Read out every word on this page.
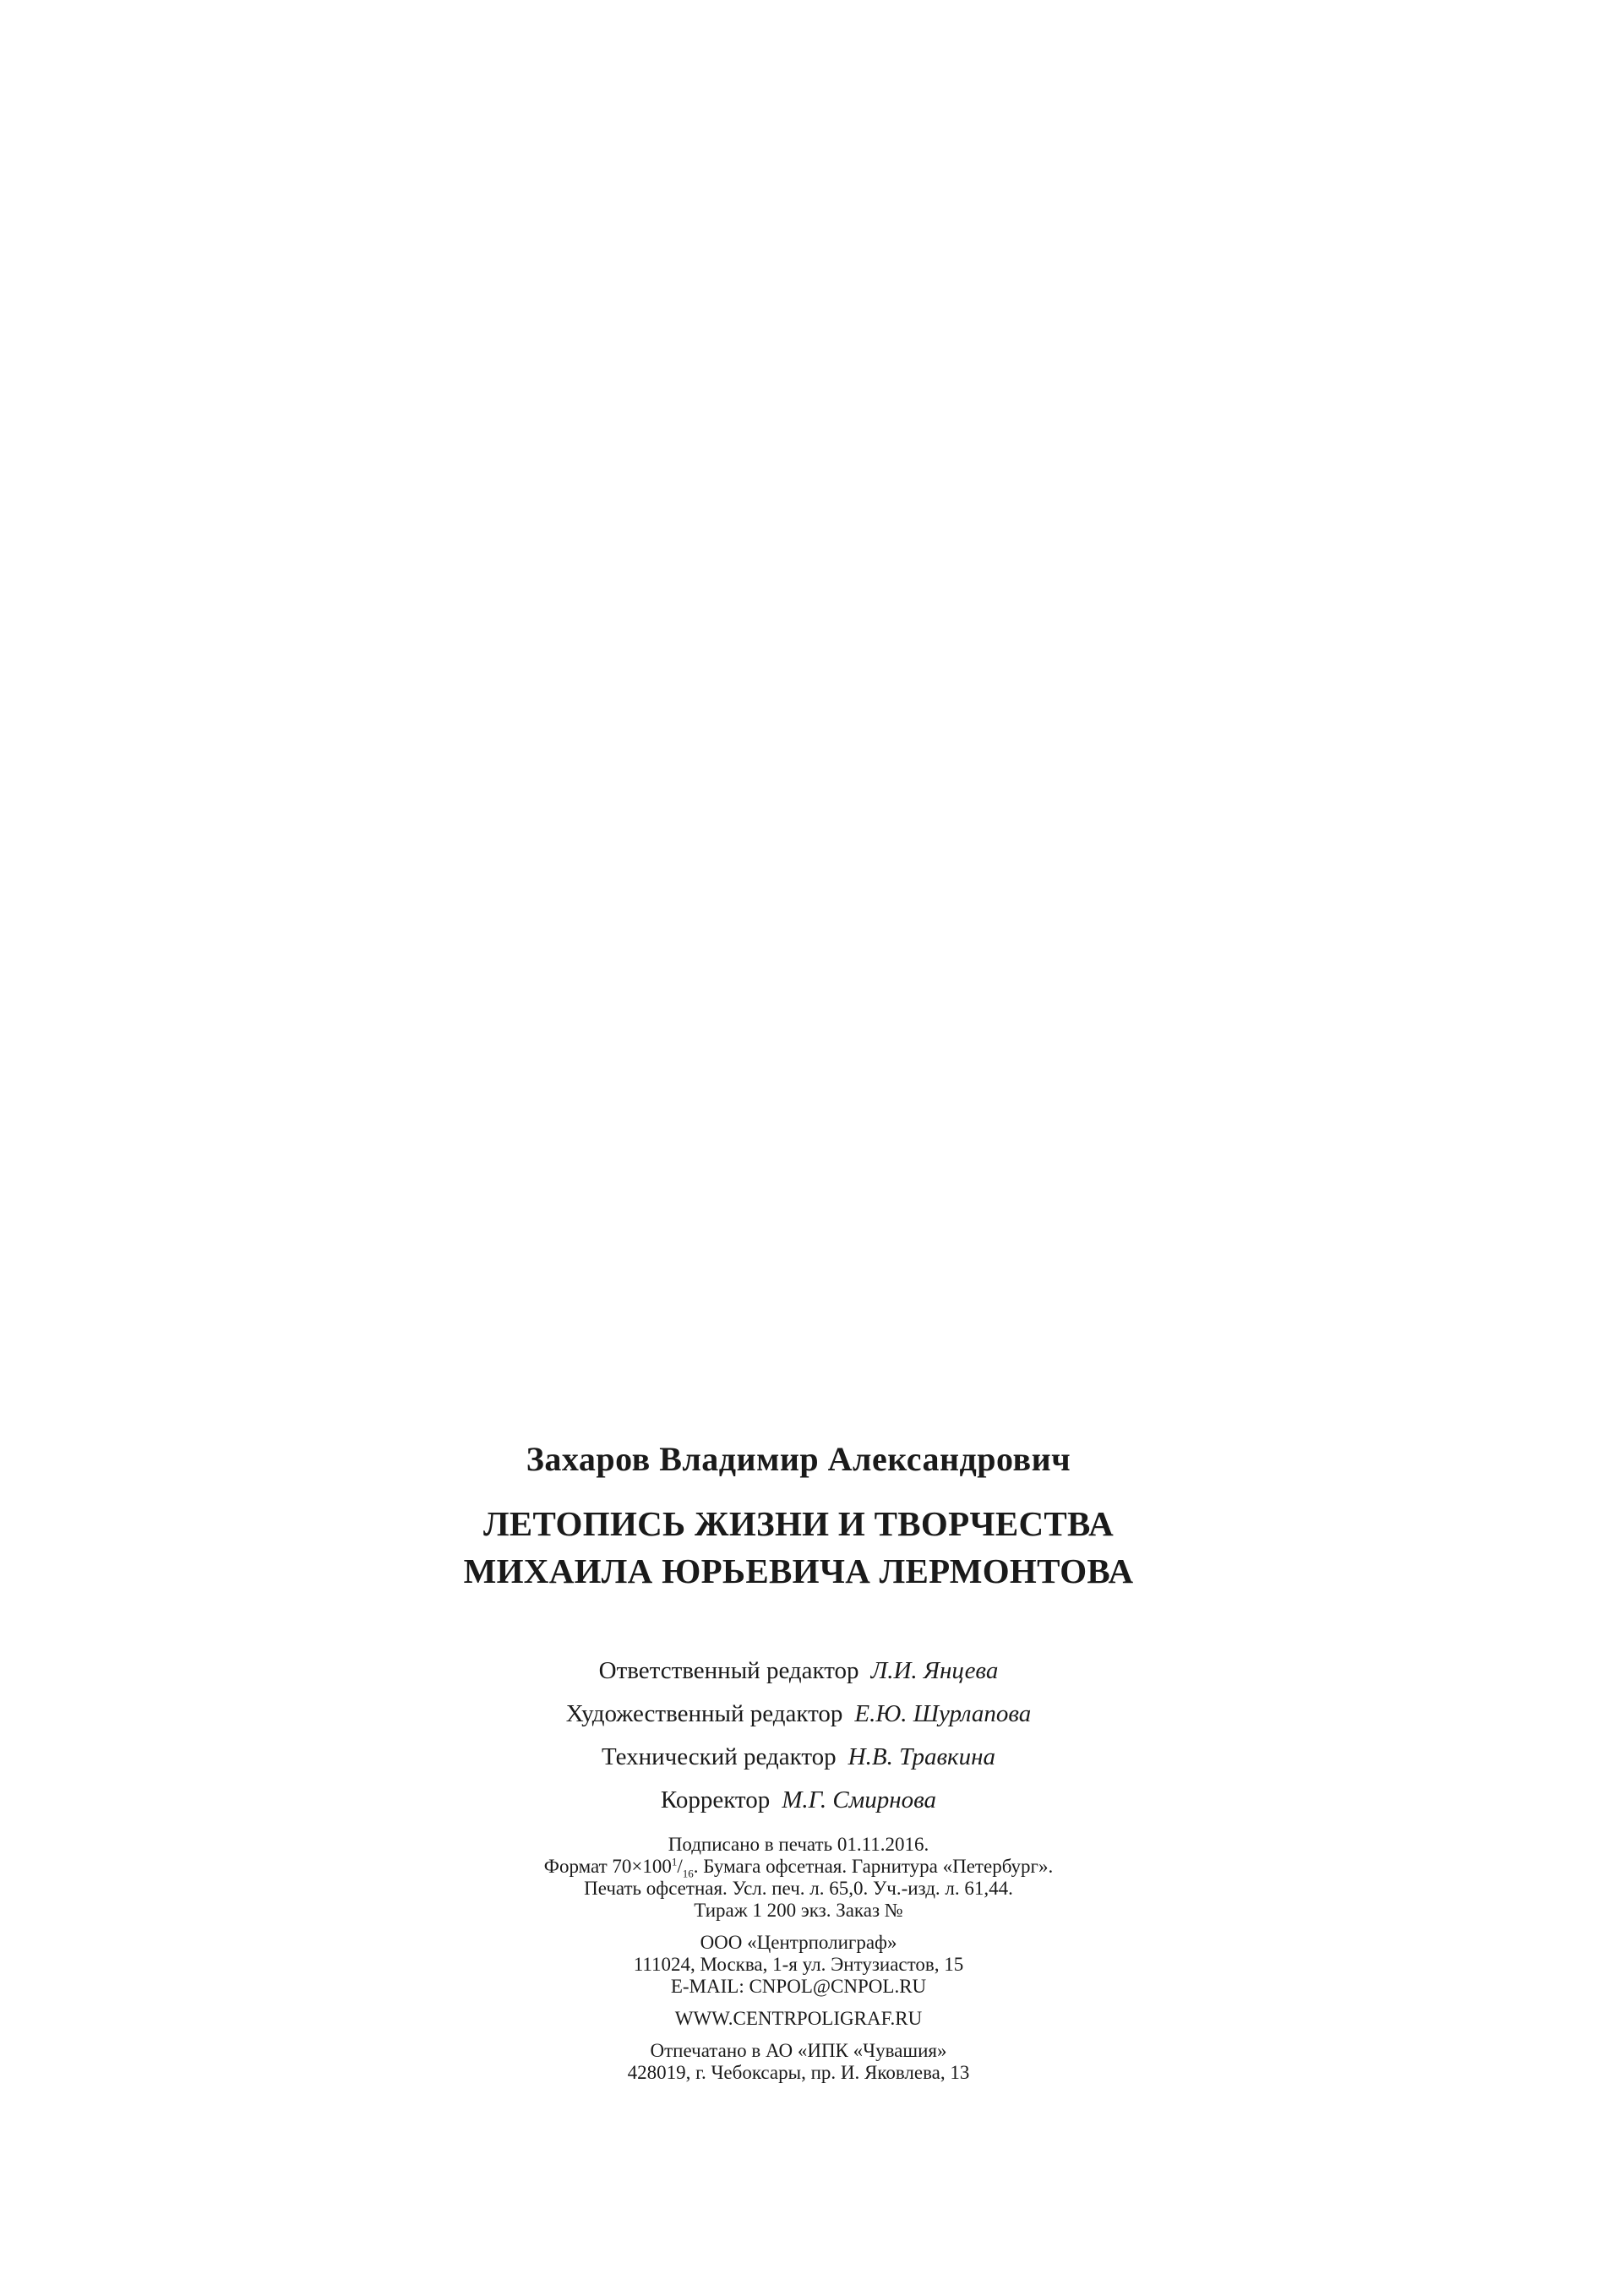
Захаров Владимир Александрович
ЛЕТОПИСЬ ЖИЗНИ И ТВОРЧЕСТВА
МИХАИЛА ЮРЬЕВИЧА ЛЕРМОНТОВА
Ответственный редактор Л.И. Янцева
Художественный редактор Е.Ю. Шурлапова
Технический редактор Н.В. Травкина
Корректор М.Г. Смирнова
Подписано в печать 01.11.2016.
Формат $70\times 100^1/_{16}$. Бумага офсетная. Гарнитура «Петербург».
Печать офсетная. Усл. печ. л. 65,0. Уч.-изд. л. 61,44.
Тираж 1 200 экз. Заказ №
ООО «Центрполиграф»
111024, Москва, 1-я ул. Энтузиастов, 15
E-MAIL: CNPOL@CNPOL.RU
WWW.CENTRPOLIGRAF.RU
Отпечатано в АО «ИПК «Чувашия»
428019, г. Чебоксары, пр. И. Яковлева, 13
